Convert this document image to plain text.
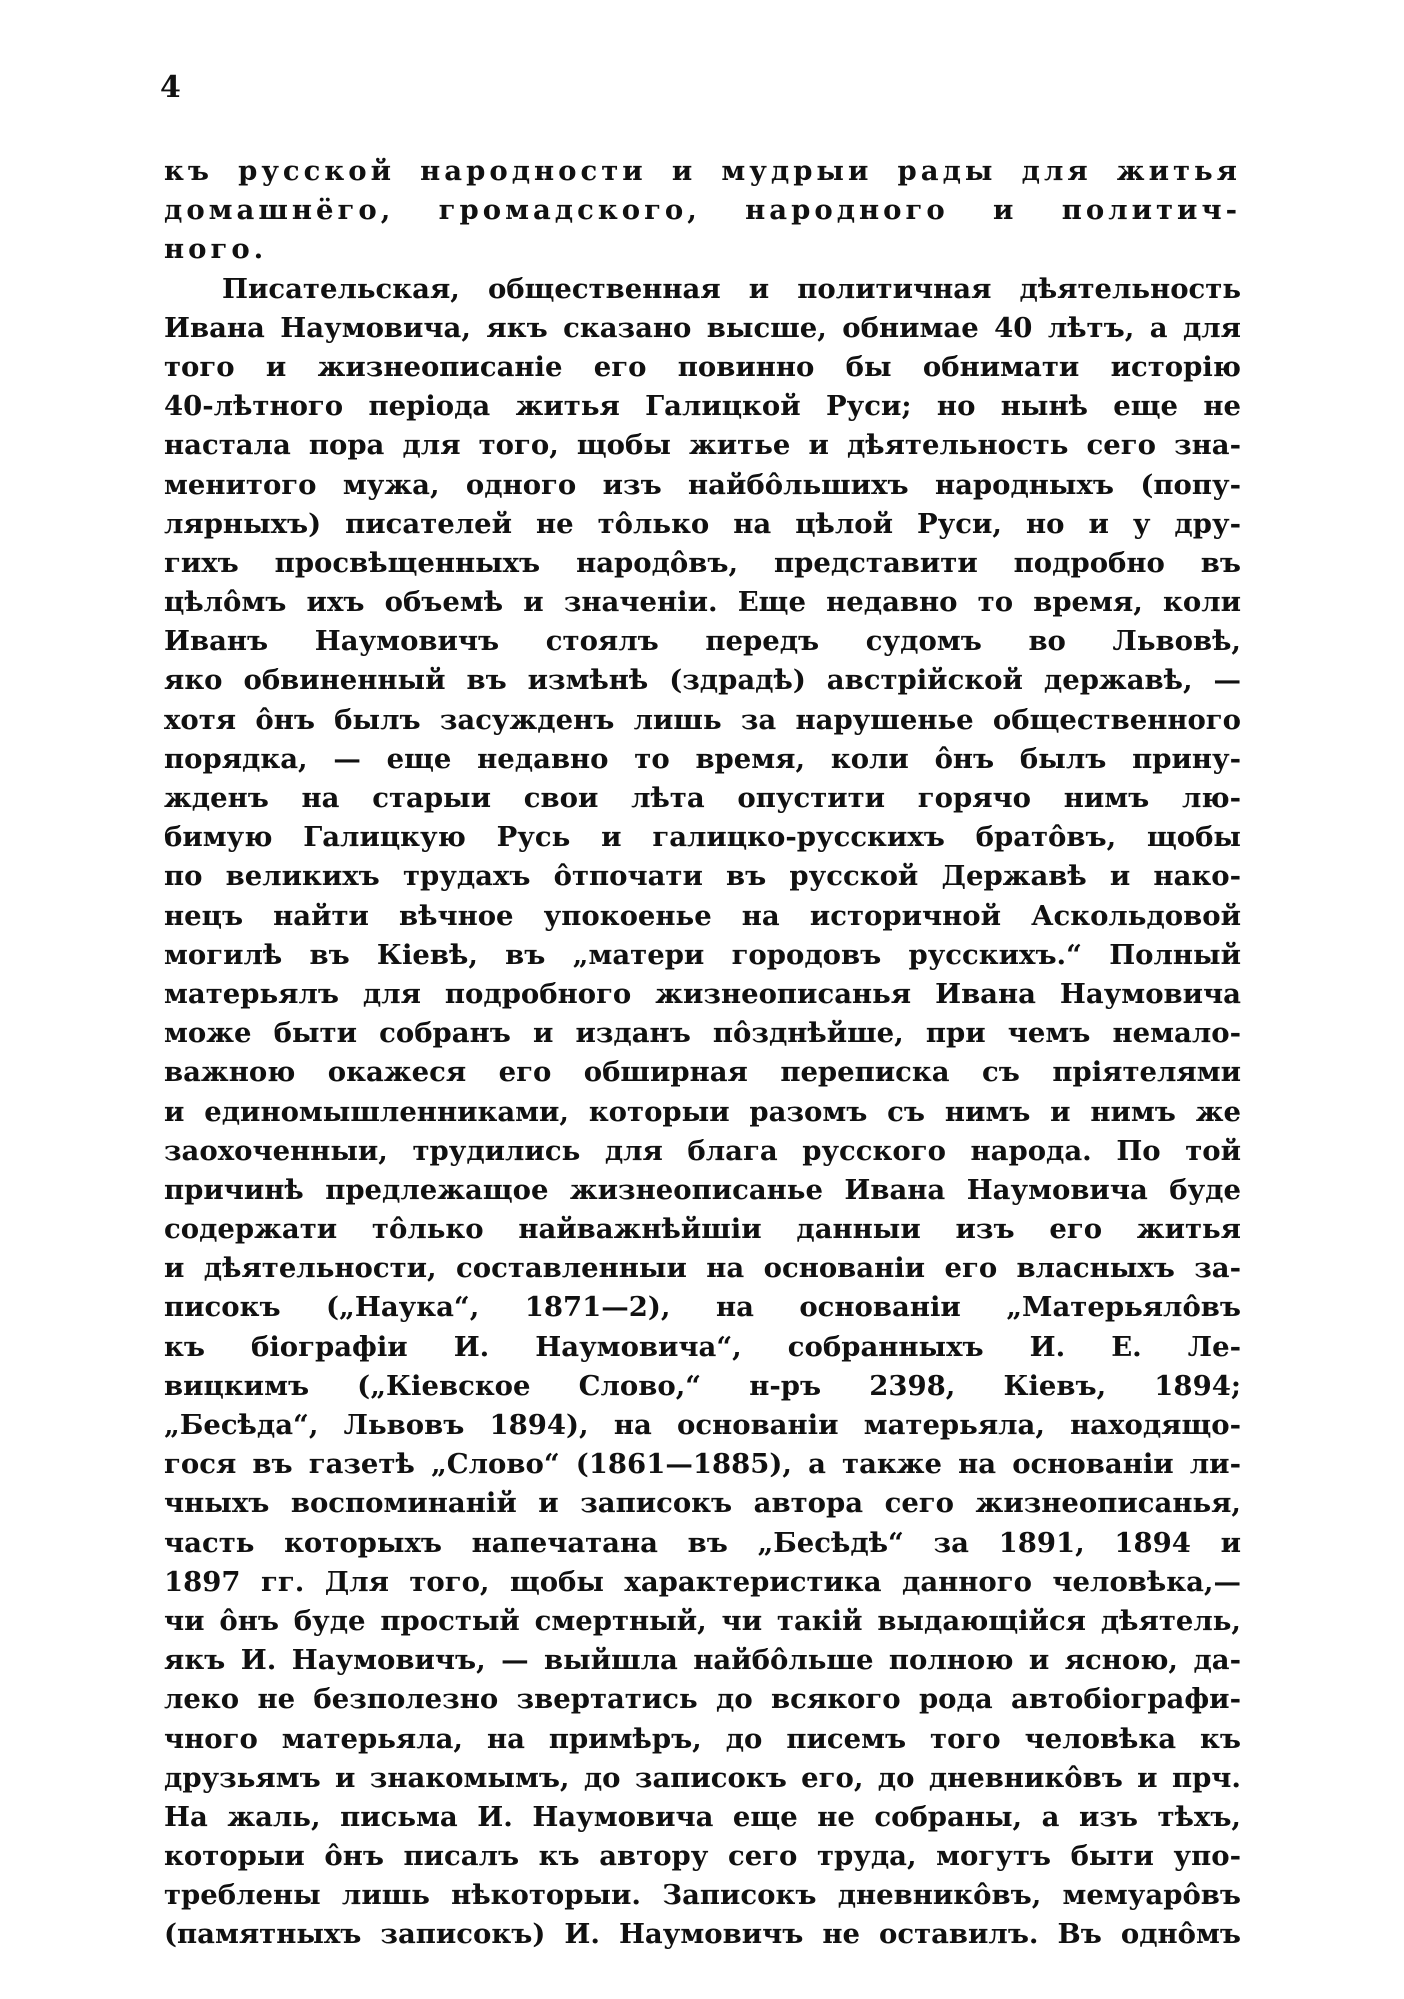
4
къ русской народности и мудрыи рады для житья
домашнёго, громадского, народного и политич-
ного.
Писательская, общественная и политичная дѣятельность
Ивана Наумовича, якъ сказано высше, обнимае 40 лѣтъ, а для
того и жизнеописаніе его повинно бы обнимати исторію
40-лѣтного періода житья Галицкой Руси; но нынѣ еще не
настала пора для того, щобы житье и дѣятельность сего зна-
менитого мужа, одного изъ найбôльшихъ народныхъ (попу-
лярныхъ) писателей не тôлько на цѣлой Руси, но и у дру-
гихъ просвѣщенныхъ народôвъ, представити подробно въ
цѣлôмъ ихъ объемѣ и значеніи. Еще недавно то время, коли
Иванъ Наумовичъ стоялъ передъ судомъ во Львовѣ,
яко обвиненный въ измѣнѣ (здрадѣ) австрійской державѣ, —
хотя ôнъ былъ засужденъ лишь за нарушенье общественного
порядка, — еще недавно то время, коли ôнъ былъ прину-
жденъ на старыи свои лѣта опустити горячо нимъ лю-
бимую Галицкую Русь и галицко-русскихъ братôвъ, щобы
по великихъ трудахъ ôтпочати въ русской Державѣ и нако-
нецъ найти вѣчное упокоенье на историчной Аскольдовой
могилѣ въ Кіевѣ, въ „матери городовъ русскихъ.“ Полный
матерьялъ для подробного жизнеописанья Ивана Наумовича
може быти собранъ и изданъ пôзднѣйше, при чемъ немало-
важною окажеся его обширная переписка съ пріятелями
и единомышленниками, которыи разомъ съ нимъ и нимъ же
заохоченныи, трудились для блага русского народа. По той
причинѣ предлежащое жизнеописанье Ивана Наумовича буде
содержати тôлько найважнѣйшіи данныи изъ его житья
и дѣятельности, составленныи на основаніи его власныхъ за-
писокъ („Наука“, 1871—2), на основаніи „Матерьялôвъ
къ біографіи И. Наумовича“, собранныхъ И. Е. Ле-
вицкимъ („Кіевское Слово,“ н-ръ 2398, Кіевъ, 1894;
„Бесѣда“, Львовъ 1894), на основаніи матерьяла, находящо-
гося въ газетѣ „Слово“ (1861—1885), а также на основаніи ли-
чныхъ воспоминаній и записокъ автора сего жизнеописанья,
часть которыхъ напечатана въ „Бесѣдѣ“ за 1891, 1894 и
1897 гг. Для того, щобы характеристика данного человѣка,—
чи ôнъ буде простый смертный, чи такій выдающійся дѣятель,
якъ И. Наумовичъ, — выйшла найбôльше полною и ясною, да-
леко не безполезно звертатись до всякого рода автобіографи-
чного матерьяла, на примѣръ, до писемъ того человѣка къ
друзьямъ и знакомымъ, до записокъ его, до дневникôвъ и прч.
На жаль, письма И. Наумовича еще не собраны, а изъ тѣхъ,
которыи ôнъ писалъ къ автору сего труда, могутъ быти упо-
треблены лишь нѣкоторыи. Записокъ дневникôвъ, мемуарôвъ
(памятныхъ записокъ) И. Наумовичъ не оставилъ. Въ однôмъ
